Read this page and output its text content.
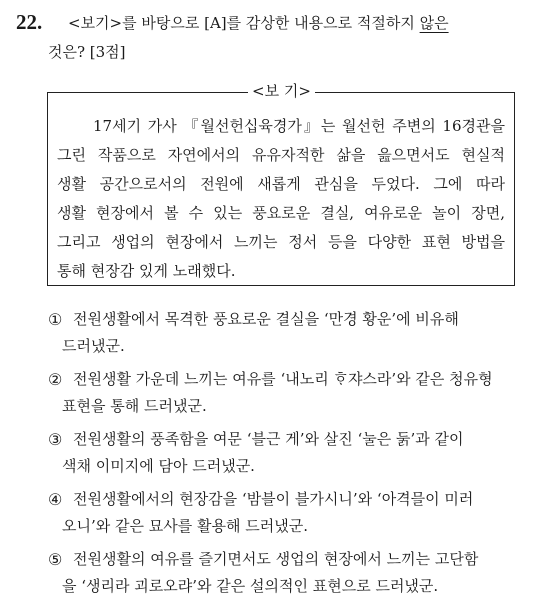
22. <보기>를 바탕으로 [A]를 감상한 내용으로 적절하지 않은
것은? [3점]
<보 기>
17세기 가사 『월선헌십육경가』는 월선헌 주변의 16경관을
그린 작품으로 자연에서의 유유자적한 삶을 읊으면서도 현실적
생활 공간으로서의 전원에 새롭게 관심을 두었다. 그에 따라
생활 현장에서 볼 수 있는 풍요로운 결실, 여유로운 놀이 장면,
그리고 생업의 현장에서 느끼는 정서 등을 다양한 표현 방법을
통해 현장감 있게 노래했다.
① 전원생활에서 목격한 풍요로운 결실을 ‘만경 황운’에 비유해
드러냈군.
② 전원생활 가운데 느끼는 여유를 ‘내노리 ᄒᆞ쟈스라’와 같은 청유형
표현을 통해 드러냈군.
③ 전원생활의 풍족함을 여문 ‘블근 게’와 살진 ‘눌은 둙’과 같이
색채 이미지에 담아 드러냈군.
④ 전원생활에서의 현장감을 ‘밤블이 블가시니’와 ‘아격믈이 미러
오니’와 같은 묘사를 활용해 드러냈군.
⑤ 전원생활의 여유를 즐기면서도 생업의 현장에서 느끼는 고단함
을 ‘생리라 괴로오랴’와 같은 설의적인 표현으로 드러냈군.
